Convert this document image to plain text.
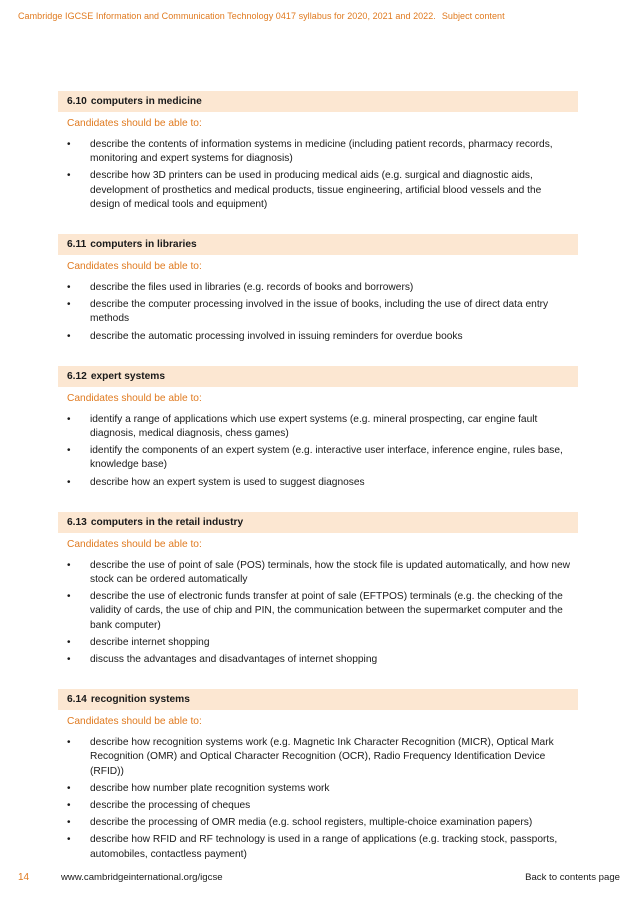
Cambridge IGCSE Information and Communication Technology 0417 syllabus for 2020, 2021 and 2022. Subject content
6.10 computers in medicine
Candidates should be able to:
• describe the contents of information systems in medicine (including patient records, pharmacy records, monitoring and expert systems for diagnosis)
• describe how 3D printers can be used in producing medical aids (e.g. surgical and diagnostic aids, development of prosthetics and medical products, tissue engineering, artificial blood vessels and the design of medical tools and equipment)
6.11 computers in libraries
Candidates should be able to:
• describe the files used in libraries (e.g. records of books and borrowers)
• describe the computer processing involved in the issue of books, including the use of direct data entry methods
• describe the automatic processing involved in issuing reminders for overdue books
6.12 expert systems
Candidates should be able to:
• identify a range of applications which use expert systems (e.g. mineral prospecting, car engine fault diagnosis, medical diagnosis, chess games)
• identify the components of an expert system (e.g. interactive user interface, inference engine, rules base, knowledge base)
• describe how an expert system is used to suggest diagnoses
6.13 computers in the retail industry
Candidates should be able to:
• describe the use of point of sale (POS) terminals, how the stock file is updated automatically, and how new stock can be ordered automatically
• describe the use of electronic funds transfer at point of sale (EFTPOS) terminals (e.g. the checking of the validity of cards, the use of chip and PIN, the communication between the supermarket computer and the bank computer)
• describe internet shopping
• discuss the advantages and disadvantages of internet shopping
6.14 recognition systems
Candidates should be able to:
• describe how recognition systems work (e.g. Magnetic Ink Character Recognition (MICR), Optical Mark Recognition (OMR) and Optical Character Recognition (OCR), Radio Frequency Identification Device (RFID))
• describe how number plate recognition systems work
• describe the processing of cheques
• describe the processing of OMR media (e.g. school registers, multiple-choice examination papers)
• describe how RFID and RF technology is used in a range of applications (e.g. tracking stock, passports, automobiles, contactless payment)
14	www.cambridgeinternational.org/igcse	Back to contents page
